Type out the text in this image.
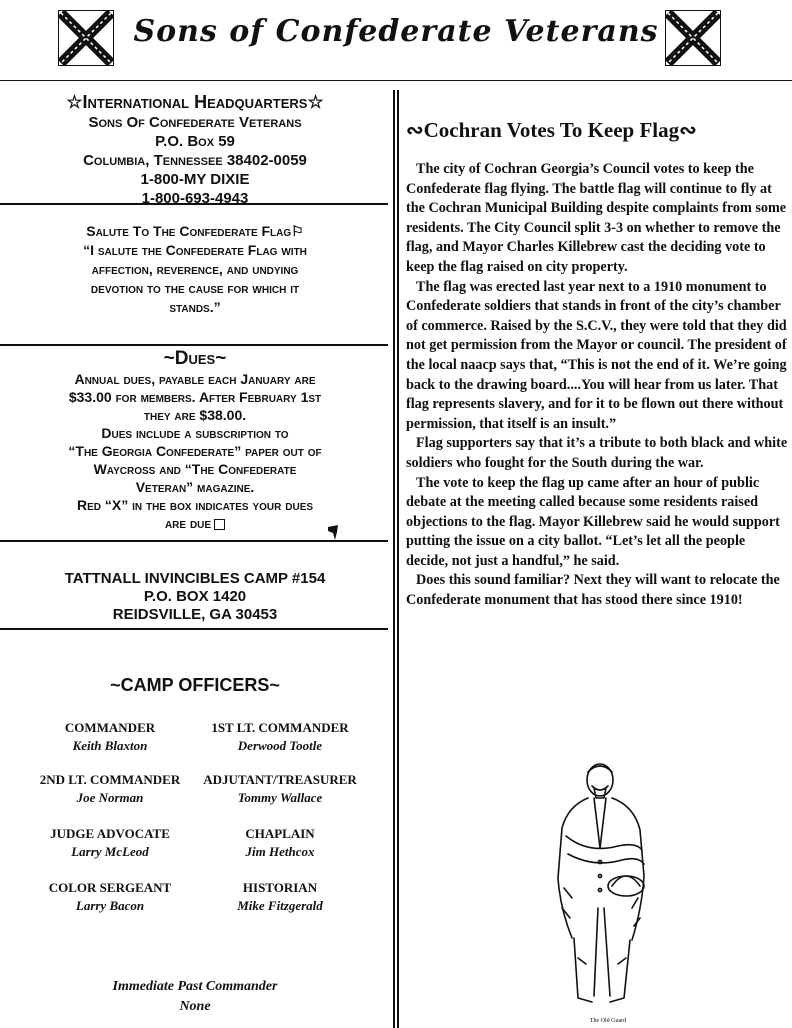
Sons of Confederate Veterans
☆International Headquarters☆
Sons Of Confederate Veterans
P.O. Box 59
Columbia, Tennessee 38402-0059
1-800-MY DIXIE
1-800-693-4943
Salute To The Confederate Flag⚐
“I salute the Confederate Flag with
affection, reverence, and undying
devotion to the cause for which it
stands.”
~Dues~
Annual dues, payable each January are
$33.00 for members. After February 1st
they are $38.00.
Dues include a subscription to
“The Georgia Confederate” paper out of
Waycross and “The Confederate
Veteran” magazine.
Red “X” in the box indicates your dues
are due
TATTNALL INVINCIBLES CAMP #154
P.O. BOX 1420
REIDSVILLE, GA 30453
~CAMP OFFICERS~
COMMANDER
Keith Blaxton
1ST LT. COMMANDER
Derwood Tootle
2ND LT. COMMANDER
Joe Norman
ADJUTANT/TREASURER
Tommy Wallace
JUDGE ADVOCATE
Larry McLeod
CHAPLAIN
Jim Hethcox
COLOR SERGEANT
Larry Bacon
HISTORIAN
Mike Fitzgerald
Immediate Past Commander
None
∾Cochran Votes To Keep Flag∾

The city of Cochran Georgia’s Council votes to keep the Confederate flag flying. The battle flag will continue to fly at the Cochran Municipal Building despite complaints from some residents. The City Council split 3-3 on whether to remove the flag, and Mayor Charles Killebrew cast the deciding vote to keep the flag raised on city property.

The flag was erected last year next to a 1910 monument to Confederate soldiers that stands in front of the city’s chamber of commerce. Raised by the S.C.V., they were told that they did not get permission from the Mayor or council. The president of the local naacp says that, “This is not the end of it. We’re going back to the drawing board....You will hear from us later. That flag represents slavery, and for it to be flown out there without permission, that itself is an insult.”

Flag supporters say that it’s a tribute to both black and white soldiers who fought for the South during the war.

The vote to keep the flag up came after an hour of public debate at the meeting called because some residents raised objections to the flag. Mayor Killebrew said he would support putting the issue on a city ballot. “Let’s let all the people decide, not just a handful,” he said.

Does this sound familiar? Next they will want to relocate the Confederate monument that has stood there since 1910!

The Old Guard
